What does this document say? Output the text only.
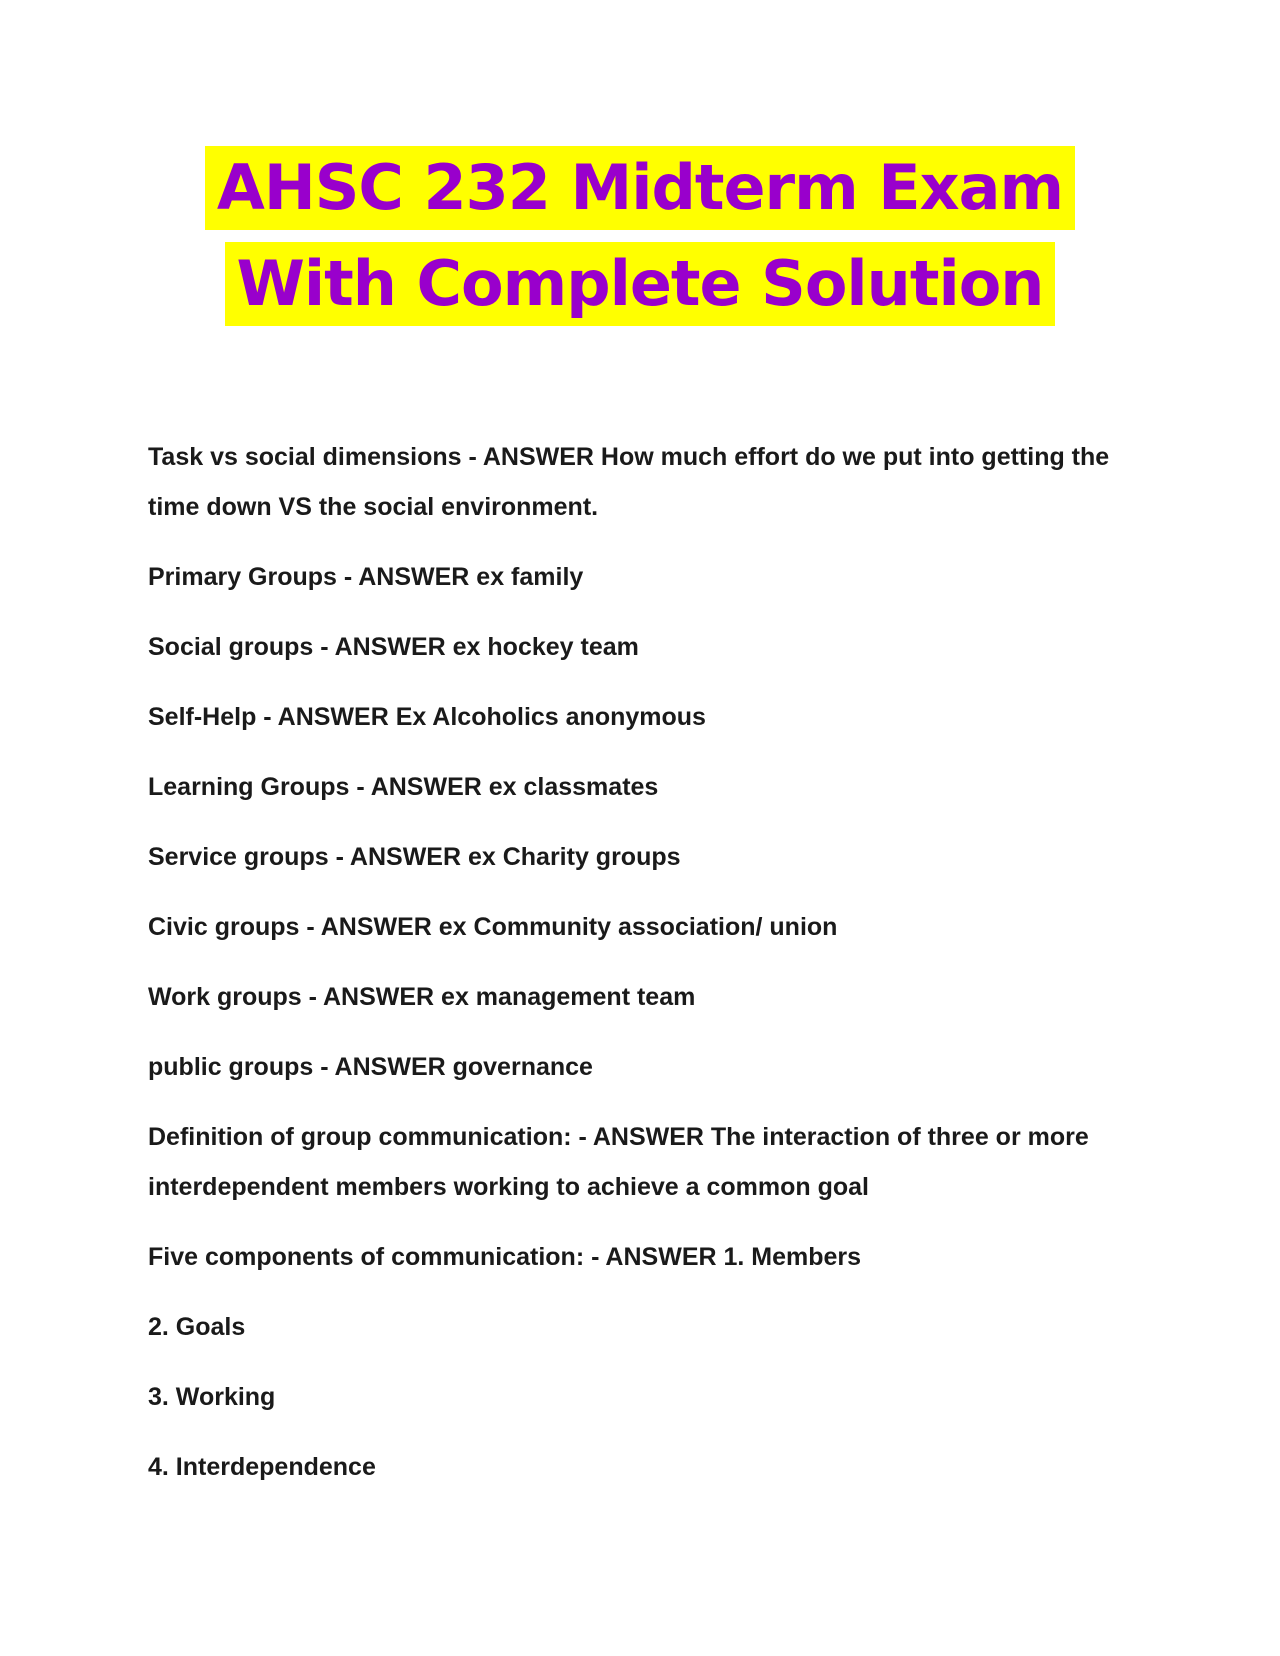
AHSC 232 Midterm Exam
With Complete Solution

Task vs social dimensions - ANSWER How much effort do we put into getting the time down VS the social environment.

Primary Groups - ANSWER ex family

Social groups - ANSWER ex hockey team

Self-Help - ANSWER Ex Alcoholics anonymous

Learning Groups - ANSWER ex classmates

Service groups - ANSWER ex Charity groups

Civic groups - ANSWER ex Community association/ union

Work groups - ANSWER ex management team

public groups - ANSWER governance

Definition of group communication: - ANSWER The interaction of three or more interdependent members working to achieve a common goal

Five components of communication: - ANSWER 1. Members

2. Goals

3. Working

4. Interdependence
